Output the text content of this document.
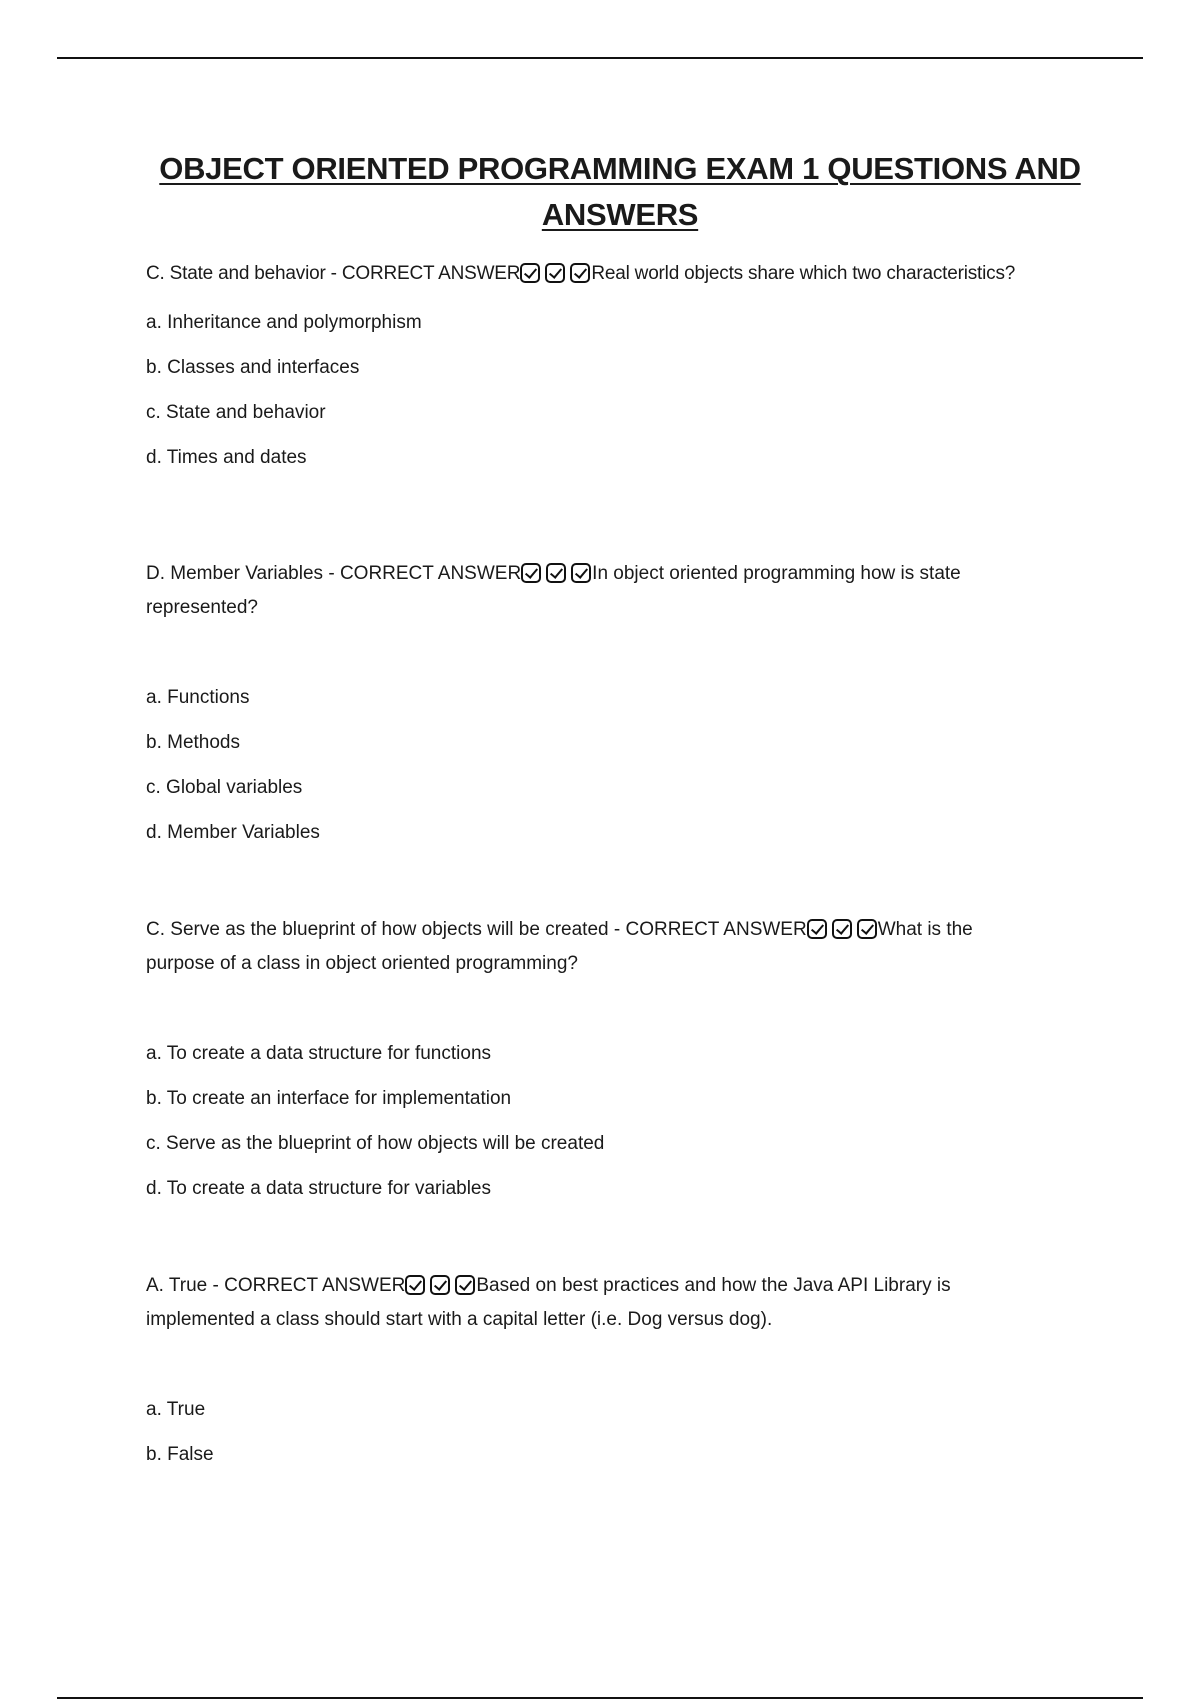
OBJECT ORIENTED PROGRAMMING EXAM 1 QUESTIONS AND ANSWERS

C. State and behavior - CORRECT ANSWER	Real world objects share which two characteristics?

a. Inheritance and polymorphism

b. Classes and interfaces

c. State and behavior

d. Times and dates

D. Member Variables - CORRECT ANSWER	In object oriented programming how is state represented?

a. Functions

b. Methods

c. Global variables

d. Member Variables

C. Serve as the blueprint of how objects will be created - CORRECT ANSWER	What is the purpose of a class in object oriented programming?

a. To create a data structure for functions

b. To create an interface for implementation

c. Serve as the blueprint of how objects will be created

d. To create a data structure for variables

A. True - CORRECT ANSWER	Based on best practices and how the Java API Library is implemented a class should start with a capital letter (i.e. Dog versus dog).

a. True

b. False
